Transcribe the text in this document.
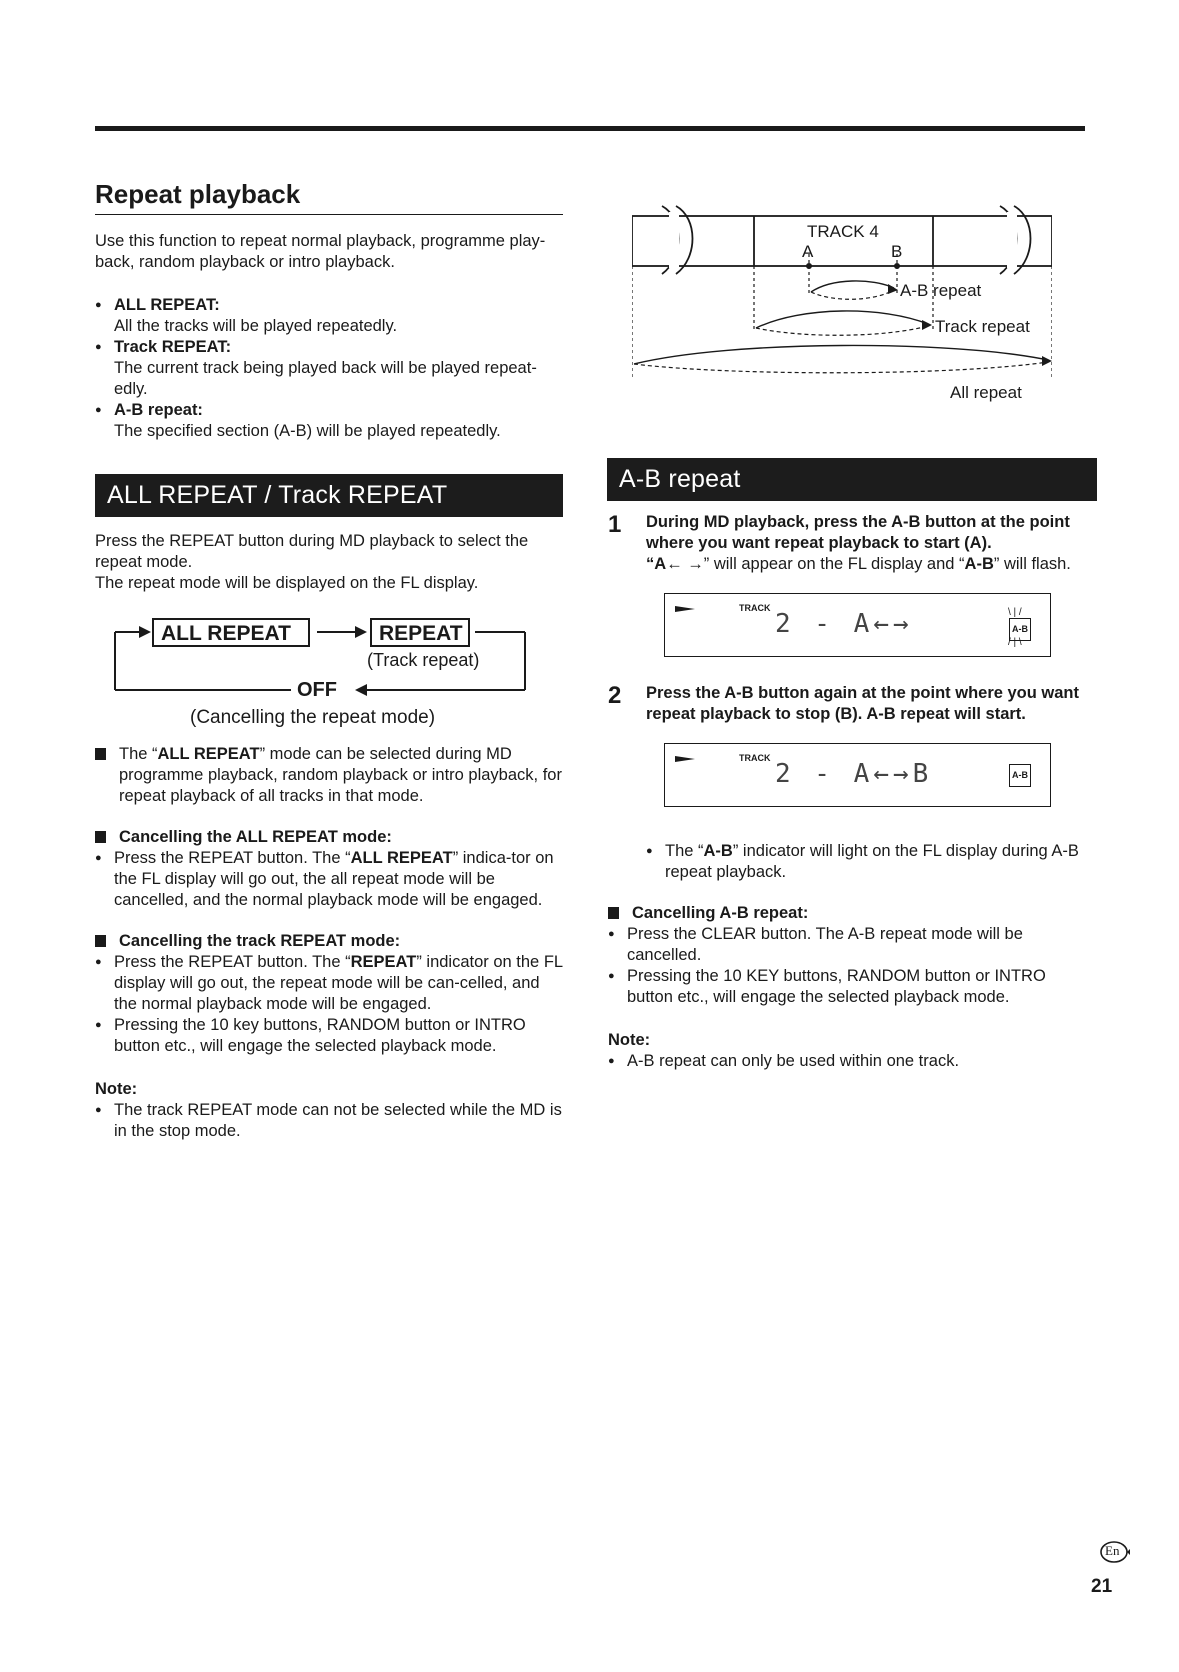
Repeat playback

Use this function to repeat normal playback, programme play-back, random playback or intro playback.

● ALL REPEAT:
All the tracks will be played repeatedly.
● Track REPEAT:
The current track being played back will be played repeat-edly.
● A-B repeat:
The specified section (A-B) will be played repeatedly.
ALL REPEAT / Track REPEAT

Press the REPEAT button during MD playback to select the repeat mode.

The repeat mode will be displayed on the FL display.

ALL REPEAT	REPEAT
(Track repeat)
OFF
(Cancelling the repeat mode)

The “ALL REPEAT” mode can be selected during MD programme playback, random playback or intro playback, for repeat playback of all tracks in that mode.

Cancelling the ALL REPEAT mode:

● Press the REPEAT button. The “ALL REPEAT” indica-tor on the FL display will go out, the all repeat mode will be cancelled, and the normal playback mode will be engaged.

Cancelling the track REPEAT mode:

● Press the REPEAT button. The “REPEAT” indicator on the FL display will go out, the repeat mode will be can-celled, and the normal playback mode will be engaged.
● Pressing the 10 key buttons, RANDOM button or INTRO button etc., will engage the selected playback mode.

Note:

● The track REPEAT mode can not be selected while the MD is in the stop mode.
TRACK 4
A	B
A-B repeat
Track repeat
All repeat
A-B repeat
1 During MD playback, press the A-B button at the point where you want repeat playback to start (A).

“A← →” will appear on the FL display and “A-B” will flash.

TRACK
2 - A←→	A-B
\ | /
/ | \
2 Press the A-B button again at the point where you want repeat playback to stop (B). A-B repeat will start.

TRACK
2 - A←→B	A-B
● The “A-B” indicator will light on the FL display during A-B repeat playback.

Cancelling A-B repeat:

● Press the CLEAR button. The A-B repeat mode will be cancelled.
● Pressing the 10 KEY buttons, RANDOM button or INTRO button etc., will engage the selected playback mode.

Note:

● A-B repeat can only be used within one track.
En
21
